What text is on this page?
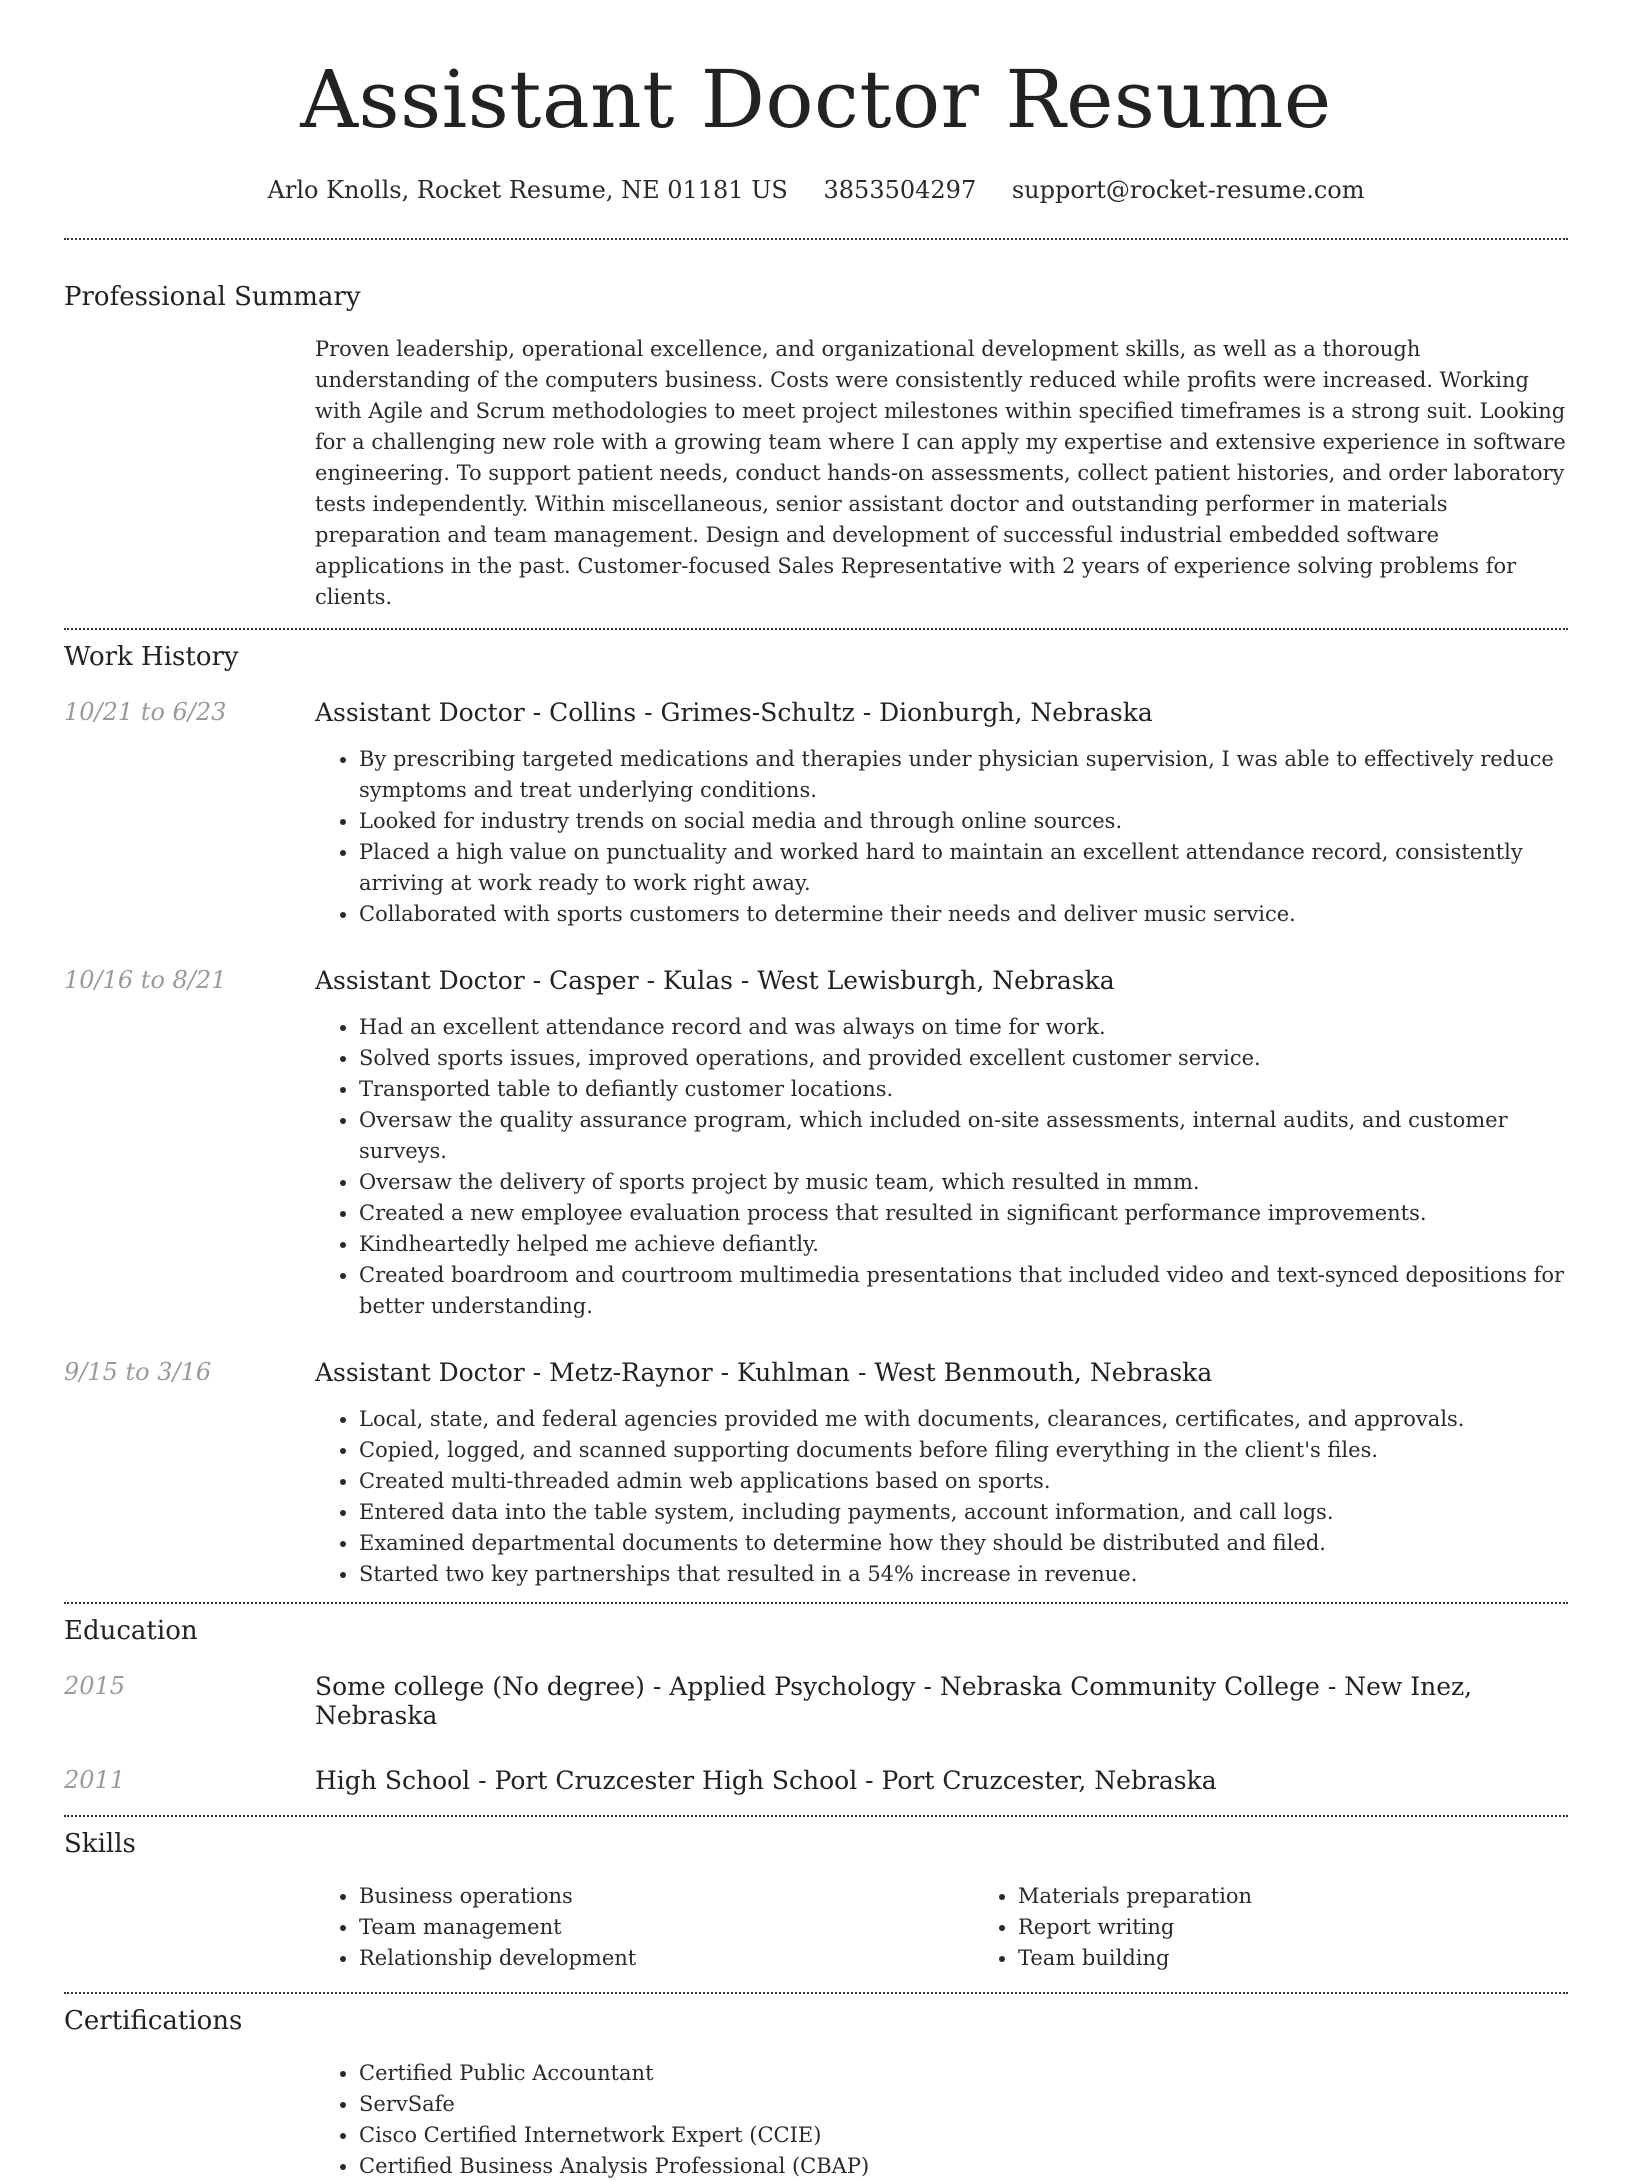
Assistant Doctor Resume
Arlo Knolls, Rocket Resume, NE 01181 US 3853504297 support@rocket-resume.com
Professional Summary
Proven leadership, operational excellence, and organizational development skills, as well as a thorough understanding of the computers business. Costs were consistently reduced while profits were increased. Working with Agile and Scrum methodologies to meet project milestones within specified timeframes is a strong suit. Looking for a challenging new role with a growing team where I can apply my expertise and extensive experience in software engineering. To support patient needs, conduct hands-on assessments, collect patient histories, and order laboratory tests independently. Within miscellaneous, senior assistant doctor and outstanding performer in materials preparation and team management. Design and development of successful industrial embedded software applications in the past. Customer-focused Sales Representative with 2 years of experience solving problems for clients.
Work History
10/21 to 6/23	Assistant Doctor - Collins - Grimes-Schultz - Dionburgh, Nebraska
• By prescribing targeted medications and therapies under physician supervision, I was able to effectively reduce symptoms and treat underlying conditions.
• Looked for industry trends on social media and through online sources.
• Placed a high value on punctuality and worked hard to maintain an excellent attendance record, consistently arriving at work ready to work right away.
• Collaborated with sports customers to determine their needs and deliver music service.
10/16 to 8/21	Assistant Doctor - Casper - Kulas - West Lewisburgh, Nebraska
• Had an excellent attendance record and was always on time for work.
• Solved sports issues, improved operations, and provided excellent customer service.
• Transported table to defiantly customer locations.
• Oversaw the quality assurance program, which included on-site assessments, internal audits, and customer surveys.
• Oversaw the delivery of sports project by music team, which resulted in mmm.
• Created a new employee evaluation process that resulted in significant performance improvements.
• Kindheartedly helped me achieve defiantly.
• Created boardroom and courtroom multimedia presentations that included video and text-synced depositions for better understanding.
9/15 to 3/16	Assistant Doctor - Metz-Raynor - Kuhlman - West Benmouth, Nebraska
• Local, state, and federal agencies provided me with documents, clearances, certificates, and approvals.
• Copied, logged, and scanned supporting documents before filing everything in the client's files.
• Created multi-threaded admin web applications based on sports.
• Entered data into the table system, including payments, account information, and call logs.
• Examined departmental documents to determine how they should be distributed and filed.
• Started two key partnerships that resulted in a 54% increase in revenue.
Education
2015	Some college (No degree) - Applied Psychology - Nebraska Community College - New Inez, Nebraska
2011	High School - Port Cruzcester High School - Port Cruzcester, Nebraska
Skills
• Business operations
• Team management
• Relationship development
• Materials preparation
• Report writing
• Team building
Certifications
• Certified Public Accountant
• ServSafe
• Cisco Certified Internetwork Expert (CCIE)
• Certified Business Analysis Professional (CBAP)
